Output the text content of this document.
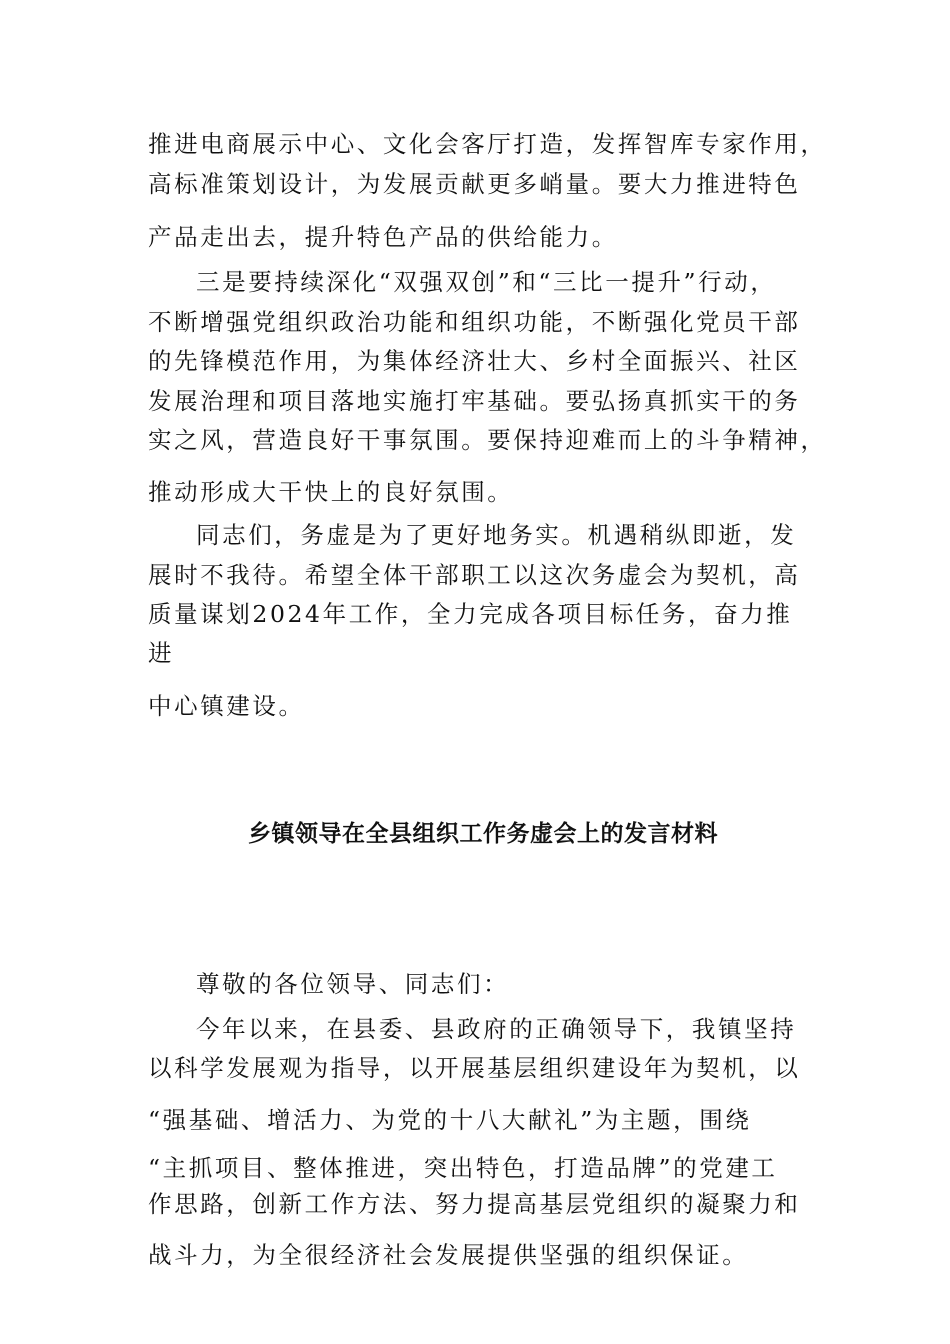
推进电商展示中心、文化会客厅打造，发挥智库专家作用，
高标准策划设计，为发展贡献更多峭量。要大力推进特色
产品走出去，提升特色产品的供给能力。
三是要持续深化“双强双创”和“三比一提升”行动，
不断增强党组织政治功能和组织功能，不断强化党员干部
的先锋模范作用，为集体经济壮大、乡村全面振兴、社区
发展治理和项目落地实施打牢基础。要弘扬真抓实干的务
实之风，营造良好干事氛围。要保持迎难而上的斗争精神，
推动形成大干快上的良好氛围。
同志们，务虚是为了更好地务实。机遇稍纵即逝，发
展时不我待。希望全体干部职工以这次务虚会为契机，高
质量谋划2024年工作，全力完成各项目标任务，奋力推
进
中心镇建设。
乡镇领导在全县组织工作务虚会上的发言材料
尊敬的各位领导、同志们：
今年以来，在县委、县政府的正确领导下，我镇坚持
以科学发展观为指导，以开展基层组织建设年为契机，以
“强基础、增活力、为党的十八大献礼”为主题，围绕
“主抓项目、整体推进，突出特色，打造品牌”的党建工
作思路，创新工作方法、努力提高基层党组织的凝聚力和
战斗力，为全很经济社会发展提供坚强的组织保证。
